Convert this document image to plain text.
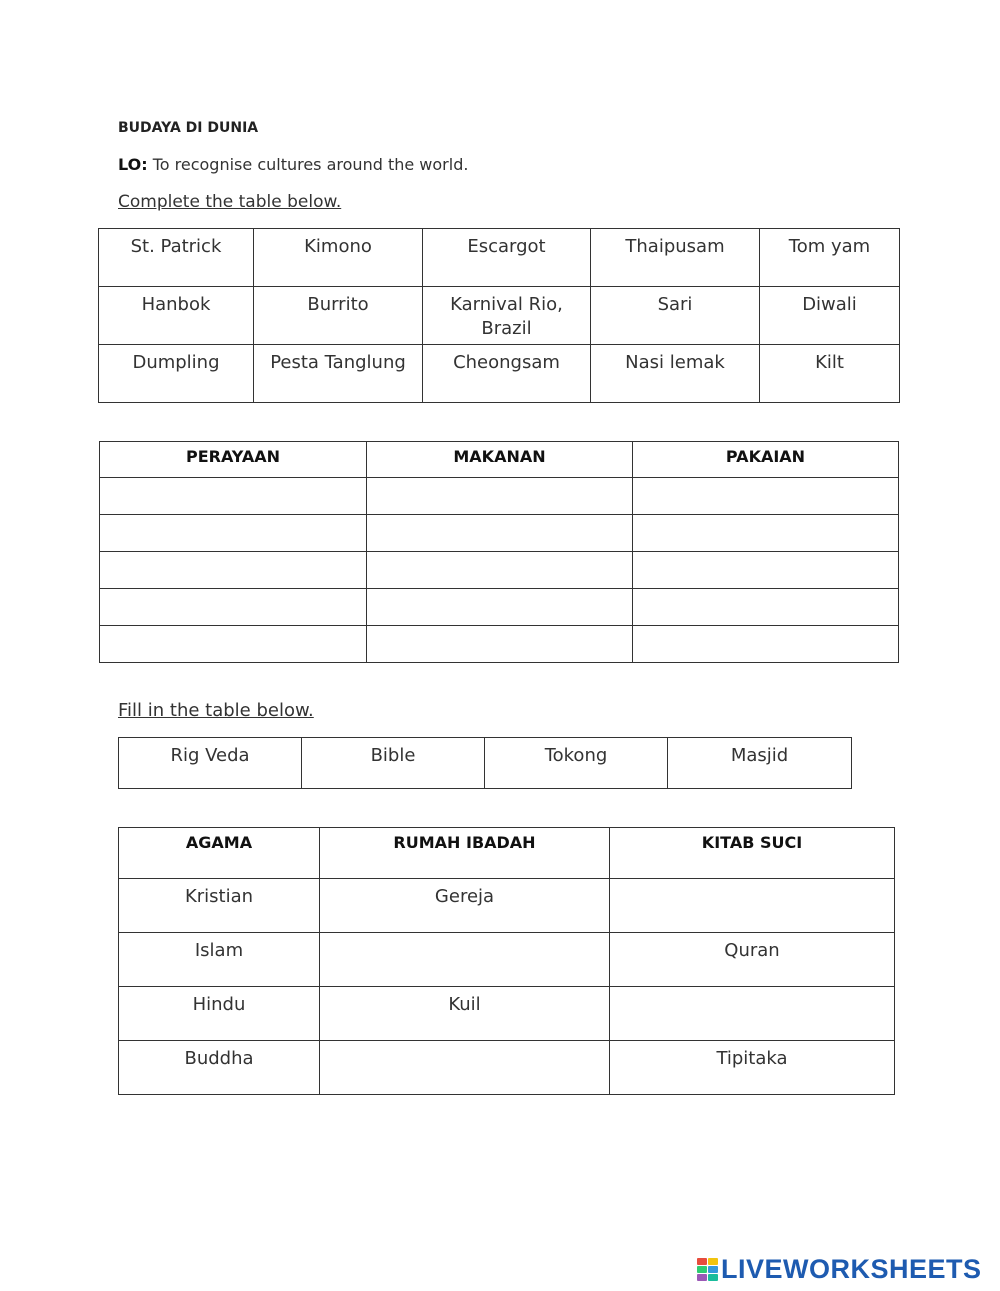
BUDAYA DI DUNIA
LO: To recognise cultures around the world.
Complete the table below.
St. Patrick	Kimono	Escargot	Thaipusam	Tom yam
Hanbok	Burrito	Karnival Rio, Brazil	Sari	Diwali
Dumpling	Pesta Tanglung	Cheongsam	Nasi lemak	Kilt
PERAYAAN	MAKANAN	PAKAIAN

Fill in the table below.
Rig Veda	Bible	Tokong	Masjid
AGAMA	RUMAH IBADAH	KITAB SUCI
Kristian	Gereja	
Islam		Quran
Hindu	Kuil	
Buddha		Tipitaka
LIVEWORKSHEETS
